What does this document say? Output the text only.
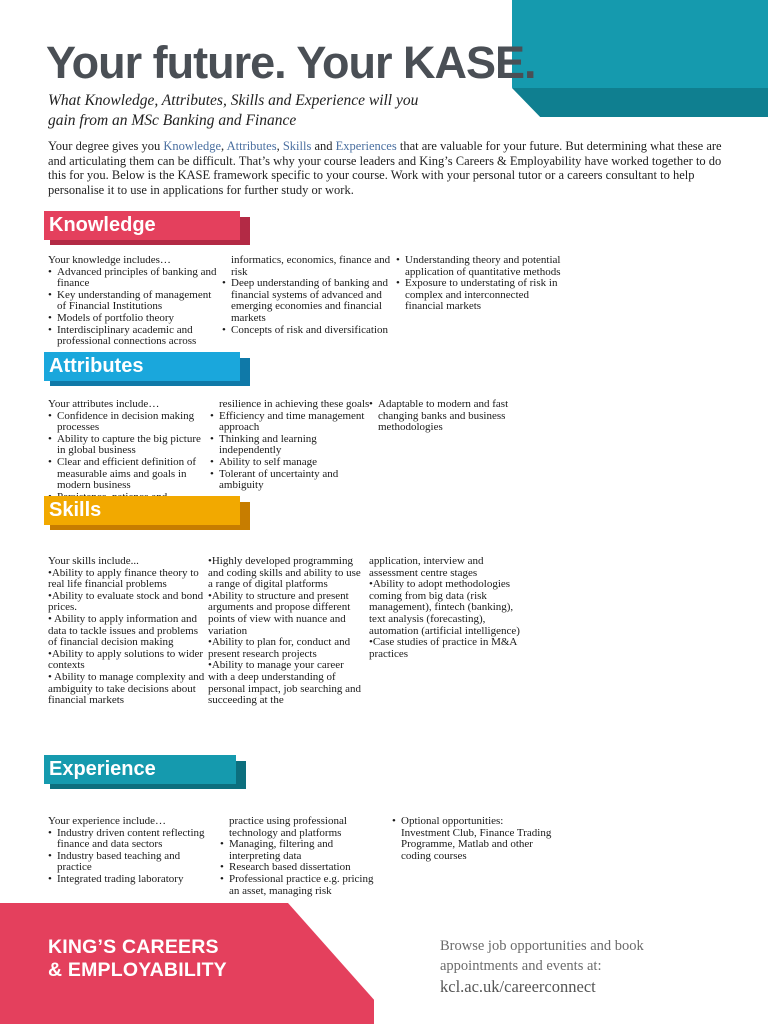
Your future. Your KASE.
What Knowledge, Attributes, Skills and Experience will you
gain from an MSc Banking and Finance

Your degree gives you Knowledge, Attributes, Skills and Experiences that are valuable for your future. But determining what these are and articulating them can be difficult. That’s why your course leaders and King’s Careers & Employability have worked together to do this for you. Below is the KASE framework specific to your course. Work with your personal tutor or a careers consultant to help personalise it to use in applications for further study or work.

Knowledge

Your knowledge includes…

• Advanced principles of banking and finance
• Key understanding of management of Financial Institutions
• Models of portfolio theory
• Interdisciplinary academic and professional connections across

informatics, economics, finance and risk

• Deep understanding of banking and financial systems of advanced and emerging economies and financial markets
• Concepts of risk and diversification
• Understanding theory and potential application of quantitative methods
• Exposure to understating of risk in complex and interconnected financial markets
Attributes

Your attributes include…

• Confidence in decision making processes
• Ability to capture the big picture in global business
• Clear and efficient definition of measurable aims and goals in modern business
•

resilience in achieving these goals

• Efficiency and time management approach
• Thinking and learning independently
• Ability to self manage
• Tolerant of uncertainty and ambiguity
• Adaptable to modern and fast changing banks and business methodologies
Skills
Your skills include...
•Ability to apply finance theory to real life financial problems
•Ability to evaluate stock and bond prices.
• Ability to apply information and data to tackle issues and problems of financial decision making
•Ability to apply solutions to wider contexts
• Ability to manage complexity and ambiguity to take decisions about financial markets
•Highly developed programming and coding skills and ability to use a range of digital platforms
•Ability to structure and present arguments and propose different points of view with nuance and variation
•Ability to plan for, conduct and present research projects
•Ability to manage your career with a deep understanding of personal impact, job searching and succeeding at the
application, interview and assessment centre stages
•Ability to adopt methodologies coming from big data (risk management), fintech (banking), text analysis (forecasting), automation (artificial intelligence)
•Case studies of practice in M&A practices
Experience

Your experience include…

• Industry driven content reflecting finance and data sectors
• Industry based teaching and practice
• Integrated trading laboratory

practice using professional technology and platforms

• Managing, filtering and interpreting data
• Research based dissertation
• Professional practice e.g. pricing an asset, managing risk
• Optional opportunities: Investment Club, Finance Trading Programme, Matlab and other coding courses
KING’S CAREERS
& EMPLOYABILITY
Browse job opportunities and book
appointments and events at:
kcl.ac.uk/careerconnect
